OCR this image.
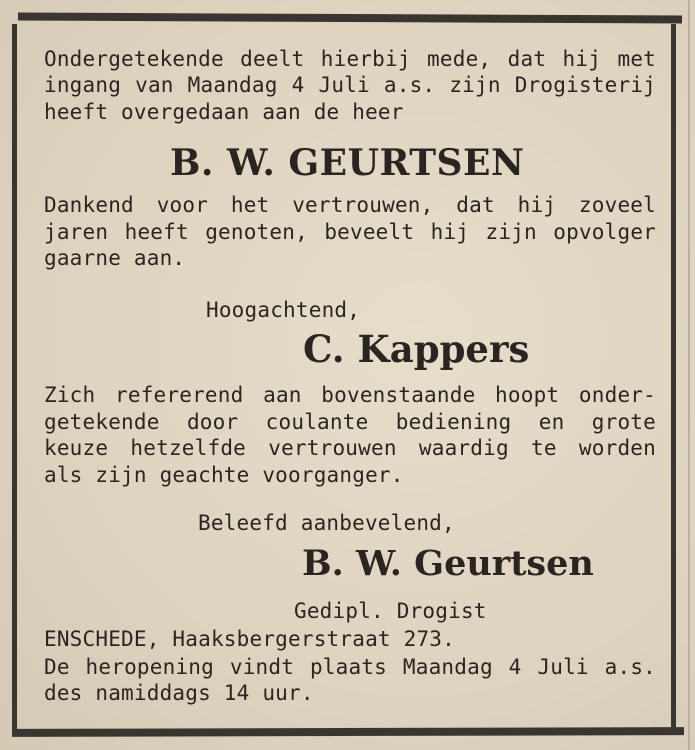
Ondergetekende deelt hierbij mede, dat hij met
ingang van Maandag 4 Juli a.s. zijn Drogisterij
heeft overgedaan aan de heer
B. W. GEURTSEN
Dankend voor het vertrouwen, dat hij zoveel
jaren heeft genoten, beveelt hij zijn opvolger
gaarne aan.
Hoogachtend,
C. Kappers
Zich refererend aan bovenstaande hoopt onder-
getekende door coulante bediening en grote
keuze hetzelfde vertrouwen waardig te worden
als zijn geachte voorganger.
Beleefd aanbevelend,
B. W. Geurtsen
Gedipl. Drogist
ENSCHEDE, Haaksbergerstraat 273.
De heropening vindt plaats Maandag 4 Juli a.s.
des namiddags 14 uur.
